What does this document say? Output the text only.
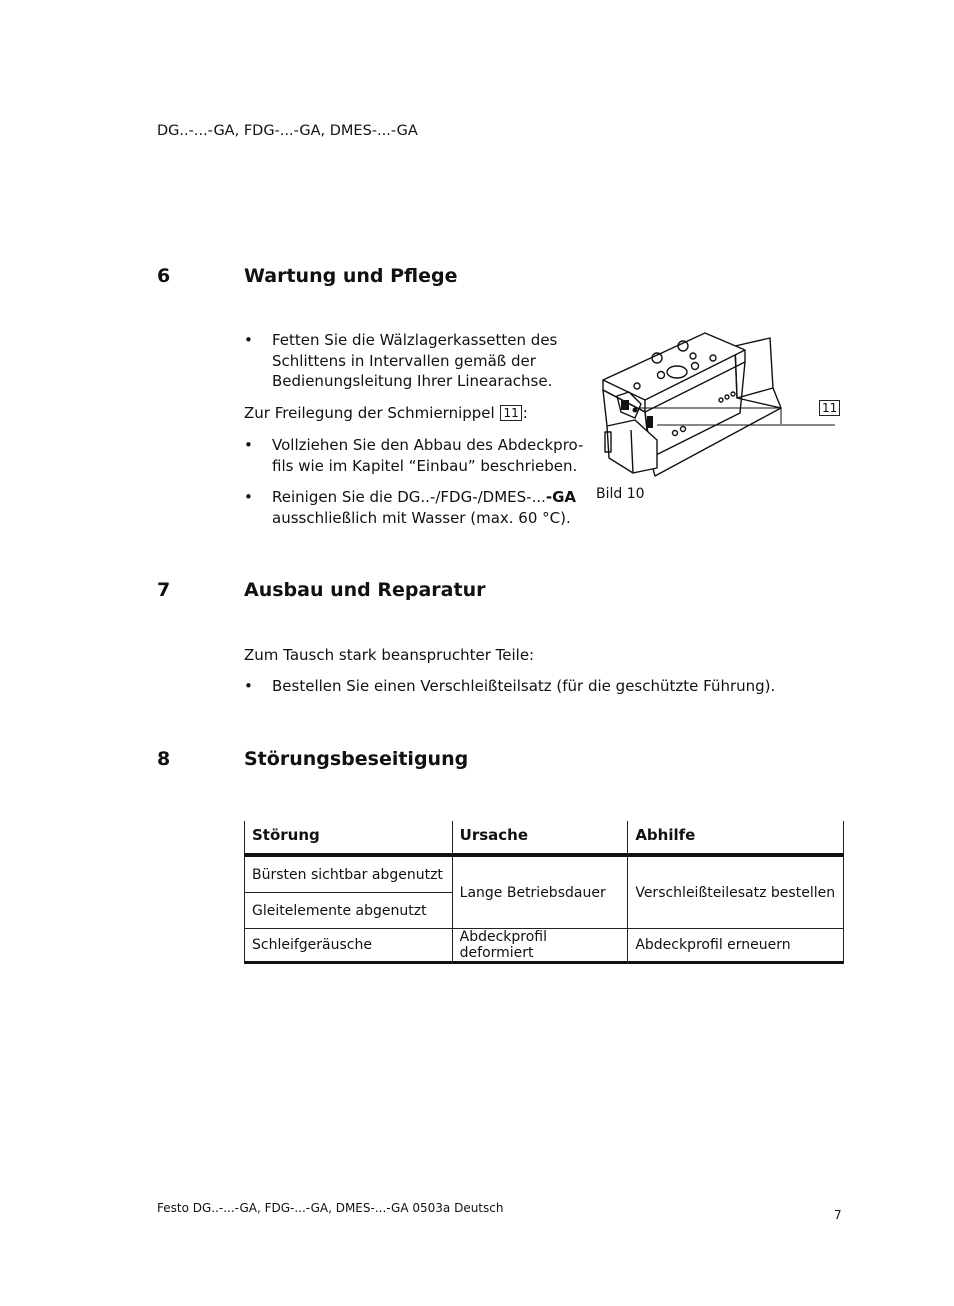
DG..-...-GA, FDG-...-GA, DMES-...-GA
6	Wartung und Pflege
• Fetten Sie die Wälzlagerkassetten des
Schlittens in Intervallen gemäß der
Bedienungsleitung Ihrer Linearachse.
Zur Freilegung der Schmiernippel 11 :
• Vollziehen Sie den Abbau des Abdeckpro-
fils wie im Kapitel “Einbau” beschrieben.
• Reinigen Sie die DG..-/FDG-/DMES-...-GA
ausschließlich mit Wasser (max. 60 °C).
11
Bild 10
7	Ausbau und Reparatur
Zum Tausch stark beanspruchter Teile:
• Bestellen Sie einen Verschleißteilsatz (für die geschützte Führung).
8	Störungsbeseitigung
Störung	Ursache	Abhilfe
Bürsten sichtbar abgenutzt	Lange Betriebsdauer	Verschleißteilesatz bestellen
Gleitelemente abgenutzt		
Schleifgeräusche	Abdeckprofil deformiert	Abdeckprofil erneuern
Festo DG..-...-GA, FDG-...-GA, DMES-...-GA 0503a Deutsch	7
